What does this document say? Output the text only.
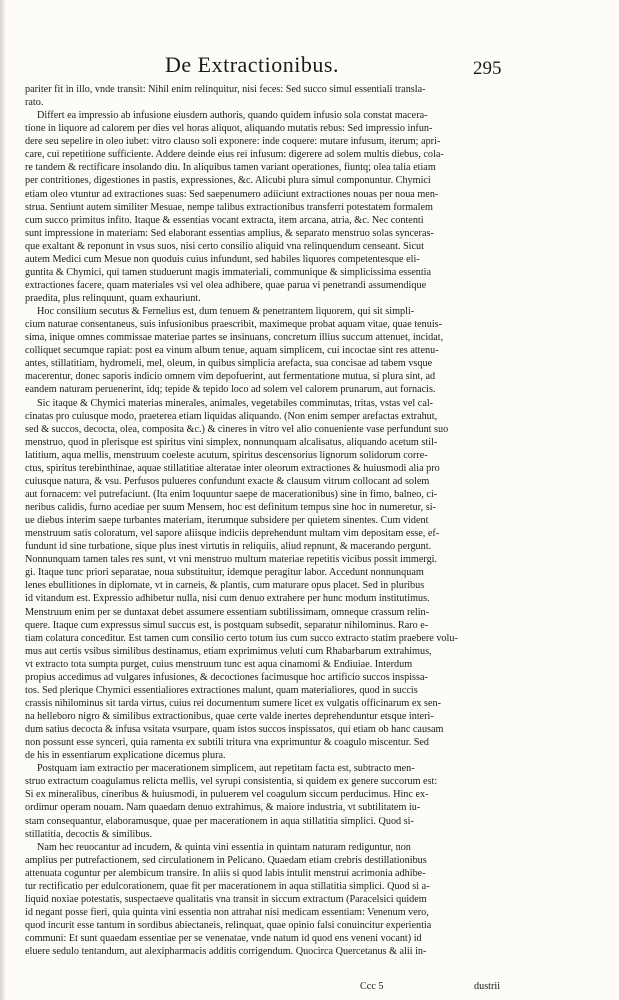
De Extractionibus.	295
pariter fit in illo, vnde transit: Nihil enim relinquitur, nisi feces: Sed succo simul essentiali transla-
rato.
Differt ea impressio ab infusione eiusdem authoris, quando quidem infusio sola constat macera-
tione in liquore ad calorem per dies vel horas aliquot, aliquando mutatis rebus: Sed impressio infun-
dere seu sepelire in oleo iubet: vitro clauso soli exponere: inde coquere: mutare infusum, iterum; apri-
care, cui repetitione sufficiente. Addere deinde eius rei infusum: digerere ad solem multis diebus, cola-
re tandem & rectificare insolando diu. In aliquibus tamen variant operationes, fiuntq; olea talia etiam
per contritiones, digestiones in pastis, expressiones, &c. Alicubi plura simul componuntur. Chymici
etiam oleo vtuntur ad extractiones suas: Sed saepenumero adiiciunt extractiones nouas per noua men-
strua. Sentiunt autem similiter Mesuae, nempe talibus extractionibus transferri potestatem formalem
cum succo primitus infito. Itaque & essentias vocant extracta, item arcana, atria, &c. Nec contenti
sunt impressione in materiam: Sed elaborant essentias amplius, & separato menstruo solas synceras-
que exaltant & reponunt in vsus suos, nisi certo consilio aliquid vna relinquendum censeant. Sicut
autem Medici cum Mesue non quoduis cuius infundunt, sed habiles liquores competentesque eli-
guntita & Chymici, qui tamen studuerunt magis immateriali, communique & simplicissima essentia
extractiones facere, quam materiales vsi vel olea adhibere, quae parua vi penetrandi assumendique
praedita, plus relinquunt, quam exhauriunt.
Hoc consilium secutus & Fernelius est, dum tenuem & penetrantem liquorem, qui sit simpli-
cium naturae consentaneus, suis infusionibus praescribit, maximeque probat aquam vitae, quae tenuis-
sima, inique omnes commissae materiae partes se insinuans, concretum illius succum attenuet, incidat,
colliquet secumque rapiat: post ea vinum album tenue, aquam simplicem, cui incoctae sint res attenu-
antes, stillatitiam, hydromeli, mel, oleum, in quibus simplicia arefacta, sua concisae ad tabem vsque
macerentur, donec saporis indicio omnem vim depofuerint, aut fermentatione mutua, si plura sint, ad
eandem naturam peruenerint, idq; tepide & tepido loco ad solem vel calorem prunarum, aut fornacis.
Sic itaque & Chymici materias minerales, animales, vegetabiles comminutas, tritas, vstas vel cal-
cinatas pro cuiusque modo, praeterea etiam liquidas aliquando. (Non enim semper arefactas extrahut,
sed & succos, decocta, olea, composita &c.) & cineres in vitro vel alio conueniente vase perfundunt suo
menstruo, quod in plerisque est spiritus vini simplex, nonnunquam alcalisatus, aliquando acetum stil-
latitium, aqua mellis, menstruum coeleste acutum, spiritus descensorius lignorum solidorum corre-
ctus, spiritus terebinthinae, aquae stillatitiae alteratae inter oleorum extractiones & huiusmodi alia pro
cuiusque natura, & vsu. Perfusos pulueres confundunt exacte & clausum vitrum collocant ad solem
aut fornacem: vel putrefaciunt. (Ita enim loquuntur saepe de macerationibus) sine in fimo, balneo, ci-
neribus calidis, furno acediae per suum Mensem, hoc est definitum tempus sine hoc in numeretur, si-
ue diebus interim saepe turbantes materiam, iterumque subsidere per quietem sinentes. Cum vident
menstruum satis coloratum, vel sapore aliisque indiciis deprehendunt multam vim depositam esse, ef-
fundunt id sine turbatione, sique plus inest virtutis in reliquiis, aliud repnunt, & macerando pergunt.
Nonnunquam tamen tales res sunt, vt vni menstruo multum materiae repetitis vicibus possit immergi.
gi. Itaque tunc priori separatae, noua substituitur, idemque peragitur labor. Accedunt nonnunquam
lenes ebullitiones in diplomate, vt in carneis, & plantis, cum maturare opus placet. Sed in pluribus
id vitandum est. Expressio adhibetur nulla, nisi cum denuo extrahere per hunc modum institutimus.
Menstruum enim per se duntaxat debet assumere essentiam subtilissimam, omneque crassum relin-
quere. Itaque cum expressus simul succus est, is postquam subsedit, separatur nihilominus. Raro e-
tiam colatura conceditur. Est tamen cum consilio certo totum ius cum succo extracto statim praebere volu-
mus aut certis vsibus similibus destinamus, etiam exprimimus veluti cum Rhabarbarum extrahimus,
vt extracto tota sumpta purget, cuius menstruum tunc est aqua cinamomi & Endiuiae. Interdum
propius accedimus ad vulgares infusiones, & decoctiones facimusque hoc artificio succos inspissa-
tos. Sed plerique Chymici essentialiores extractiones malunt, quam materialiores, quod in succis
crassis nihilominus sit tarda virtus, cuius rei documentum sumere licet ex vulgatis officinarum ex sen-
na helleboro nigro & similibus extractionibus, quae certe valde inertes deprehenduntur etsque interi-
dum satius decocta & infusa vsitata vsurpare, quam istos succos inspissatos, qui etiam ob hanc causam
non possunt esse synceri, quia ramenta ex subtili tritura vna exprimuntur & coagulo miscentur. Sed
de his in essentiarum explicatione dicemus plura.
Postquam iam extractio per macerationem simplicem, aut repetitam facta est, subtracto men-
struo extractum coagulamus relicta mellis, vel syrupi consistentia, si quidem ex genere succorum est:
Si ex mineralibus, cineribus & huiusmodi, in puluerem vel coagulum siccum perducimus. Hinc ex-
ordimur operam nouam. Nam quaedam denuo extrahimus, & maiore industria, vt subtilitatem iu-
stam consequantur, elaboramusque, quae per macerationem in aqua stillatitia simplici. Quod si-
stillatitia, decoctis & similibus.
Nam hec reuocantur ad incudem, & quinta vini essentia in quintam naturam rediguntur, non
amplius per putrefactionem, sed circulationem in Pelicano. Quaedam etiam crebris destillationibus
attenuata coguntur per alembicum transire. In aliis si quod labis intulit menstrui acrimonia adhibe-
tur rectificatio per edulcorationem, quae fit per macerationem in aqua stillatitia simplici. Quod si a-
liquid noxiae potestatis, suspectaeve qualitatis vna transit in siccum extractum (Paracelsici quidem
id negant posse fieri, quia quinta vini essentia non attrahat nisi medicam essentiam: Venenum vero,
quod incurit esse tantum in sordibus abiectaneis, relinquat, quae opinio falsi conuincitur experientia
communi: Et sunt quaedam essentiae per se venenatae, vnde natum id quod ens veneni vocant) id
eluere sedulo tentandum, aut alexipharmacis additis corrigendum. Quocirca Quercetanus & alii in-
Ccc 5	dustrii
